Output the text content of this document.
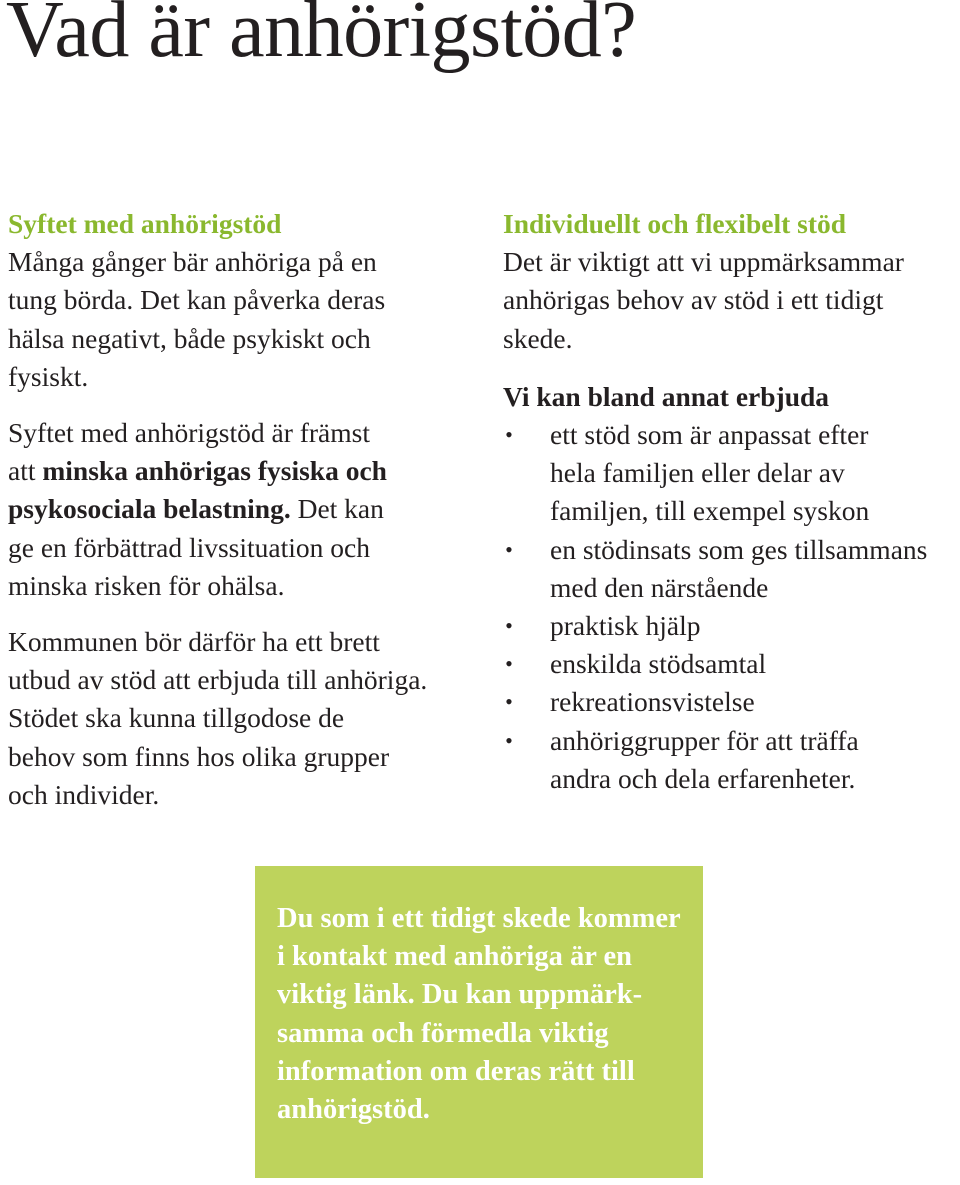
Vad är anhörigstöd?
Syftet med anhörigstöd

Många gånger bär anhöriga på en
tung börda. Det kan påverka deras
hälsa negativt, både psykiskt och
fysiskt.

Syftet med anhörigstöd är främst
att minska anhörigas fysiska och
psykosociala belastning. Det kan
ge en förbättrad livssituation och
minska risken för ohälsa.

Kommunen bör därför ha ett brett
utbud av stöd att erbjuda till anhöriga.
Stödet ska kunna tillgodose de
behov som finns hos olika grupper
och individer.

Individuellt och flexibelt stöd

Det är viktigt att vi uppmärksammar
anhörigas behov av stöd i ett tidigt
skede.

Vi kan bland annat erbjuda
• ett stöd som är anpassat efter
hela familjen eller delar av
familjen, till exempel syskon
• en stödinsats som ges tillsammans
med den närstående
• praktisk hjälp
• enskilda stödsamtal
• rekreationsvistelse
• anhöriggrupper för att träffa
andra och dela erfarenheter.

Du som i ett tidigt skede kommer
i kontakt med anhöriga är en
viktig länk. Du kan uppmärk-
samma och förmedla viktig
information om deras rätt till
anhörigstöd.
